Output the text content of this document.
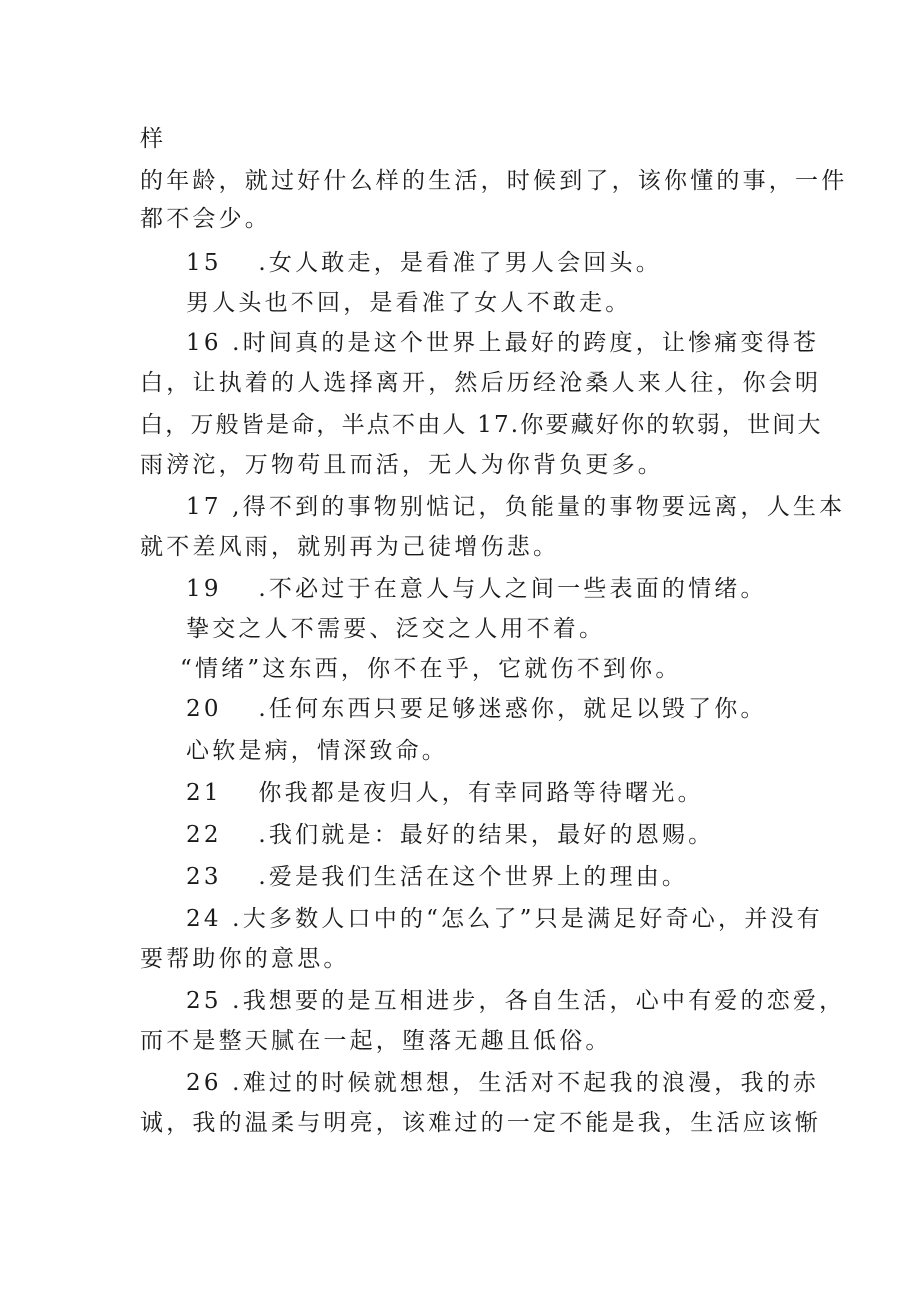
样
的年龄，就过好什么样的生活，时候到了，该你懂的事，一件
都不会少。
15　 .女人敢走，是看准了男人会回头。
男人头也不回，是看准了女人不敢走。
16 .时间真的是这个世界上最好的跨度，让惨痛变得苍
白，让执着的人选择离开，然后历经沧桑人来人往，你会明
白，万般皆是命，半点不由人 17.你要藏好你的软弱，世间大
雨滂沱，万物苟且而活，无人为你背负更多。
17 ,得不到的事物别惦记，负能量的事物要远离，人生本
就不差风雨，就别再为己徒增伤悲。
19　 .不必过于在意人与人之间一些表面的情绪。
挚交之人不需要、泛交之人用不着。
“情绪”这东西，你不在乎，它就伤不到你。
20　 .任何东西只要足够迷惑你，就足以毁了你。
心软是病，情深致命。
21　 你我都是夜归人，有幸同路等待曙光。
22　 .我们就是：最好的结果，最好的恩赐。
23　 .爱是我们生活在这个世界上的理由。
24 .大多数人口中的“怎么了”只是满足好奇心，并没有
要帮助你的意思。
25 .我想要的是互相进步，各自生活，心中有爱的恋爱，
而不是整天腻在一起，堕落无趣且低俗。
26 .难过的时候就想想，生活对不起我的浪漫，我的赤
诚，我的温柔与明亮，该难过的一定不能是我，生活应该惭
